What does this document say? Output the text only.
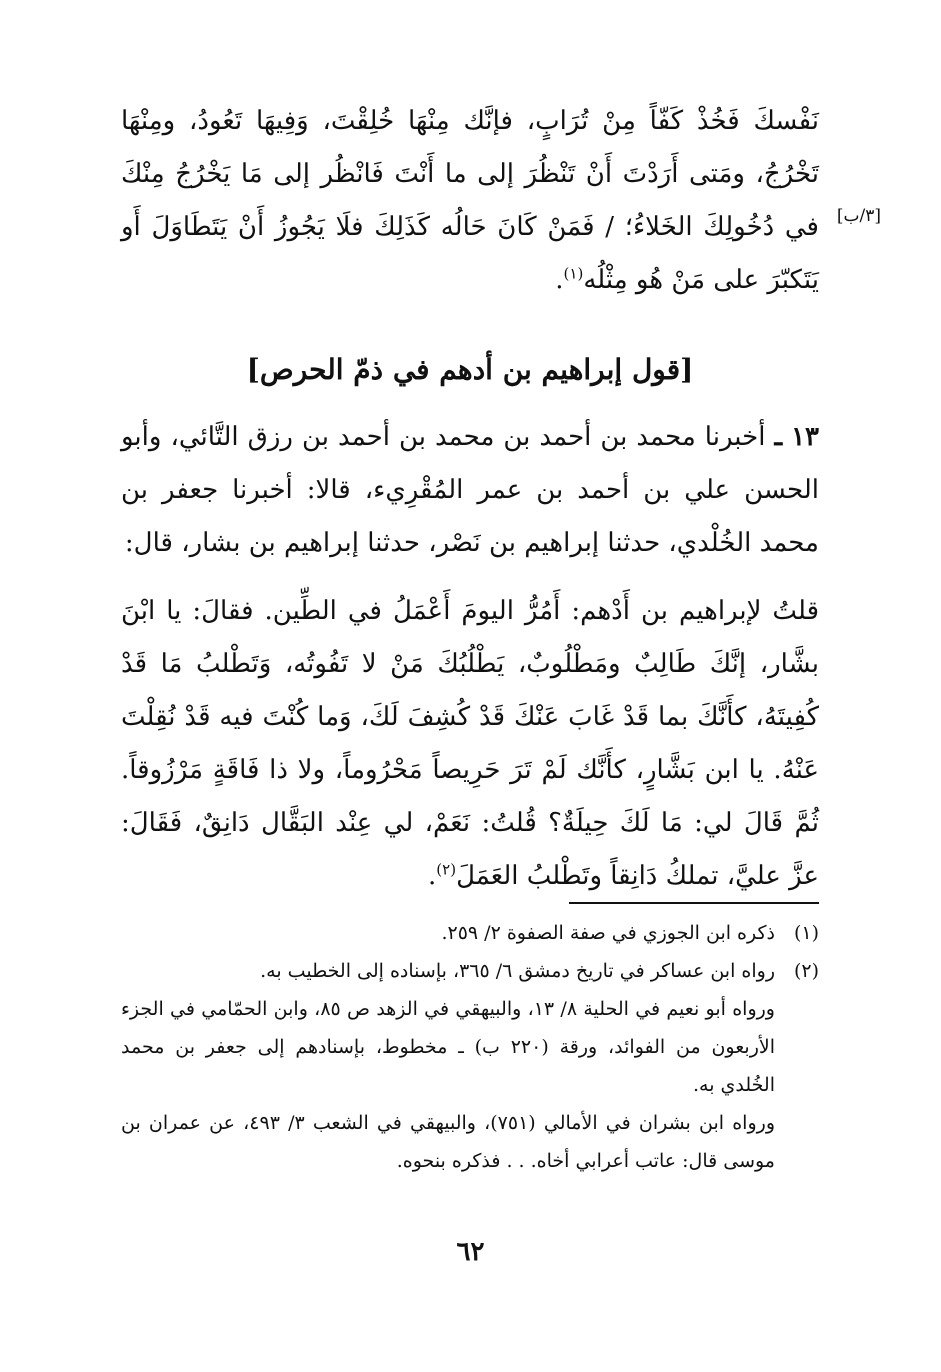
نَفْسكَ فَخُذْ كَفّاً مِنْ تُرَابٍ، فإنَّك مِنْهَا خُلِقْتَ، وَفِيهَا تَعُودُ، ومِنْهَا تَخْرُجُ، ومَتى أَرَدْتَ أَنْ تَنْظُرَ إلى ما أَنْتَ فَانْظُر إلى مَا يَخْرُجُ مِنْكَ في دُخُولِكَ الخَلاءُ؛ / فَمَنْ كَانَ حَالُه كَذَلِكَ فلَا يَجُوزُ أَنْ يَتَطَاوَلَ أَو يَتَكبّرَ على مَنْ هُو مِثْلُه$^{(١)}$.
[٣/ب]
[قول إبراهيم بن أدهم في ذمّ الحرص]
١٣ ـ أخبرنا محمد بن أحمد بن محمد بن أحمد بن رزق التَّائي، وأبو الحسن علي بن أحمد بن عمر المُقْرِيء، قالا: أخبرنا جعفر بن محمد الخُلْدي، حدثنا إبراهيم بن نَصْر، حدثنا إبراهيم بن بشار، قال:
قلتُ لإبراهيم بن أَدْهم: أَمُرُّ اليومَ أَعْمَلُ في الطِّين. فقالَ: يا ابْنَ بشَّار، إنَّكَ طَالِبٌ ومَطْلُوبٌ، يَطْلُبُكَ مَنْ لا تَفُوتُه، وَتَطْلبُ مَا قَدْ كُفِيتَهُ، كأَنَّكَ بما قَدْ غَابَ عَنْكَ قَدْ كُشِفَ لَكَ، وَما كُنْتَ فيه قَدْ نُقِلْتَ عَنْهُ. يا ابن بَشَّارٍ، كأَنَّك لَمْ تَرَ حَرِيصاً مَحْرُوماً، ولا ذا فَاقَةٍ مَرْزُوقاً. ثُمَّ قَالَ لي: مَا لَكَ حِيلَةٌ؟ قُلتُ: نَعَمْ، لي عِنْد البَقَّال دَانِقٌ، فَقَالَ: عزَّ عليَّ، تملكُ دَانِقاً وتَطْلبُ العَمَلَ$^{(٢)}$.
(١)
ذكره ابن الجوزي في صفة الصفوة ٢/ ٢٥٩.
(٢)
رواه ابن عساكر في تاريخ دمشق ٦/ ٣٦٥، بإسناده إلى الخطيب به.
ورواه أبو نعيم في الحلية ٨/ ١٣، والبيهقي في الزهد ص ٨٥، وابن الحمّامي في الجزء الأربعون من الفوائد، ورقة (٢٢٠ ب) ـ مخطوط، بإسنادهم إلى جعفر بن محمد الخُلدي به.
ورواه ابن بشران في الأمالي (٧٥١)، والبيهقي في الشعب ٣/ ٤٩٣، عن عمران بن موسى قال: عاتب أعرابي أخاه. . . فذكره بنحوه.
٦٢
